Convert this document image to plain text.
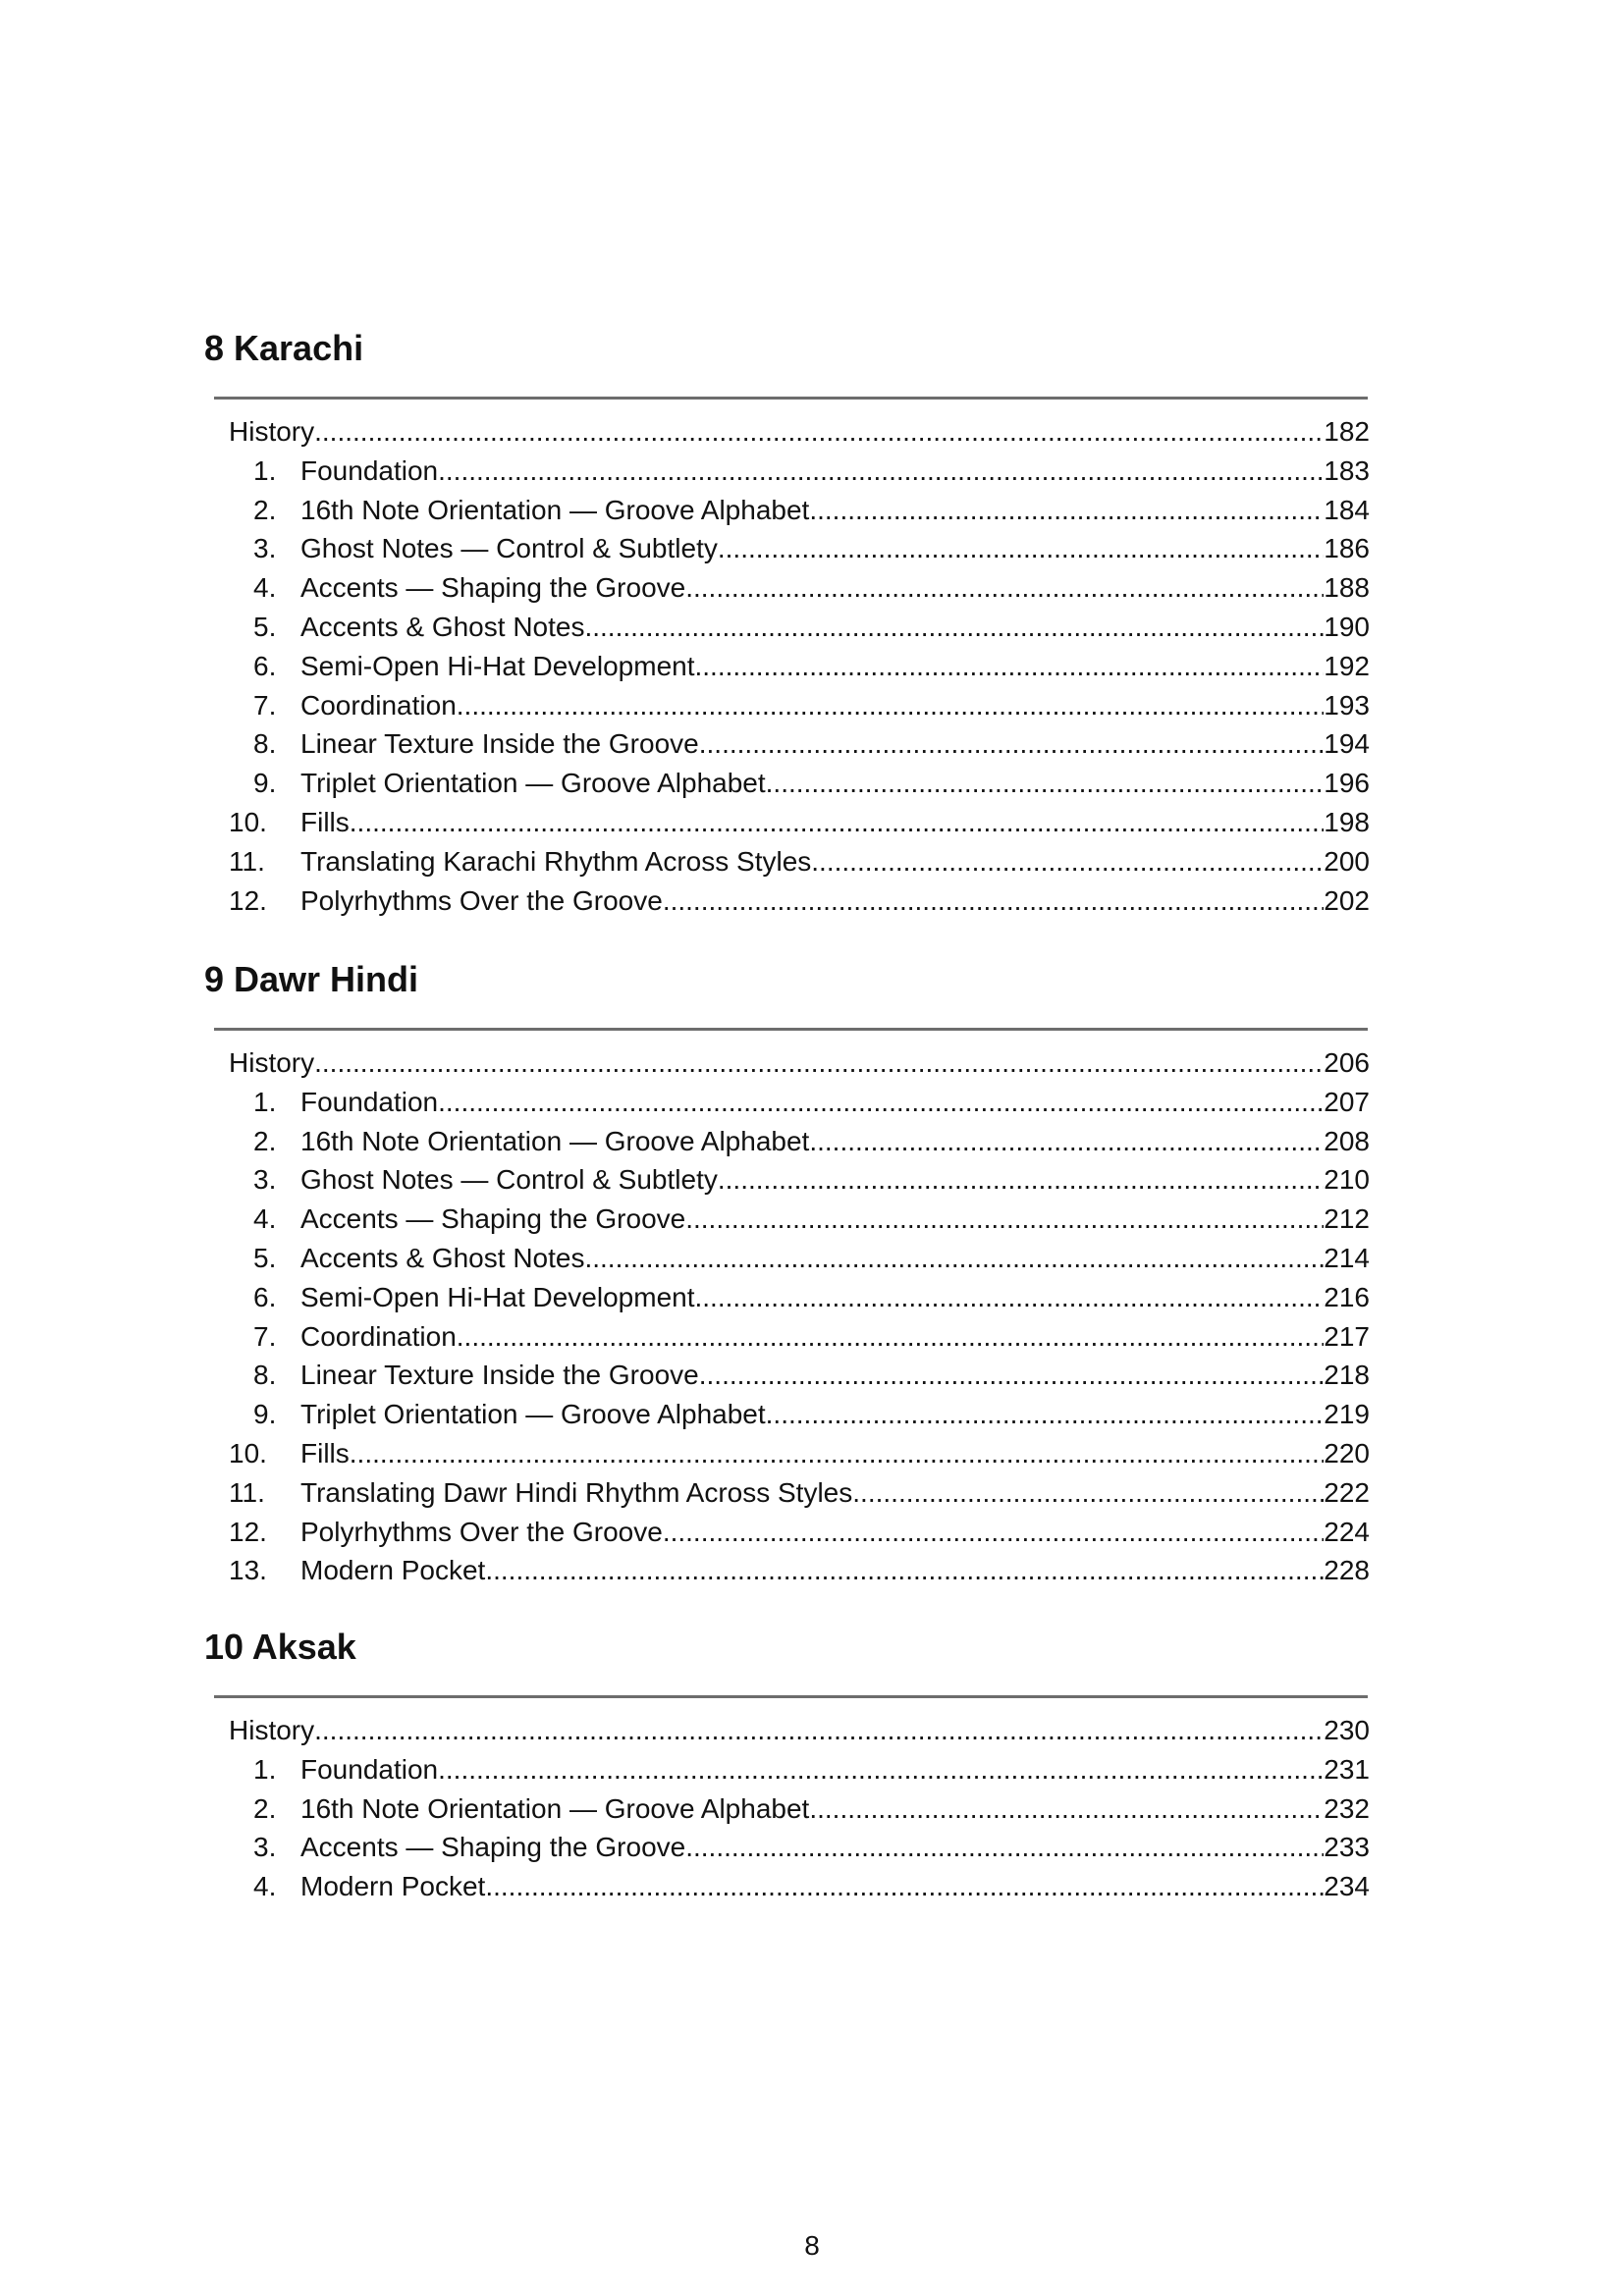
8 Karachi
History .....	182
1. Foundation .....	183
2. 16th Note Orientation — Groove Alphabet .....	184
3. Ghost Notes — Control & Subtlety .....	186
4. Accents — Shaping the Groove .....	188
5. Accents & Ghost Notes .....	190
6. Semi-Open Hi-Hat Development .....	192
7. Coordination .....	193
8. Linear Texture Inside the Groove .....	194
9. Triplet Orientation — Groove Alphabet .....	196
10.	Fills .....	198
11.	Translating Karachi Rhythm Across Styles .....	200
12.	Polyrhythms Over the Groove .....	202
9 Dawr Hindi
History .....	206
1. Foundation .....	207
2. 16th Note Orientation — Groove Alphabet .....	208
3. Ghost Notes — Control & Subtlety .....	210
4. Accents — Shaping the Groove .....	212
5. Accents & Ghost Notes .....	214
6. Semi-Open Hi-Hat Development .....	216
7. Coordination .....	217
8. Linear Texture Inside the Groove .....	218
9. Triplet Orientation — Groove Alphabet .....	219
10.	Fills .....	220
11.	Translating Dawr Hindi Rhythm Across Styles .....	222
12.	Polyrhythms Over the Groove .....	224
13.	Modern Pocket .....	228
10 Aksak
History .....	230
1. Foundation .....	231
2. 16th Note Orientation — Groove Alphabet .....	232
3. Accents — Shaping the Groove .....	233
4. Modern Pocket .....	234
8
